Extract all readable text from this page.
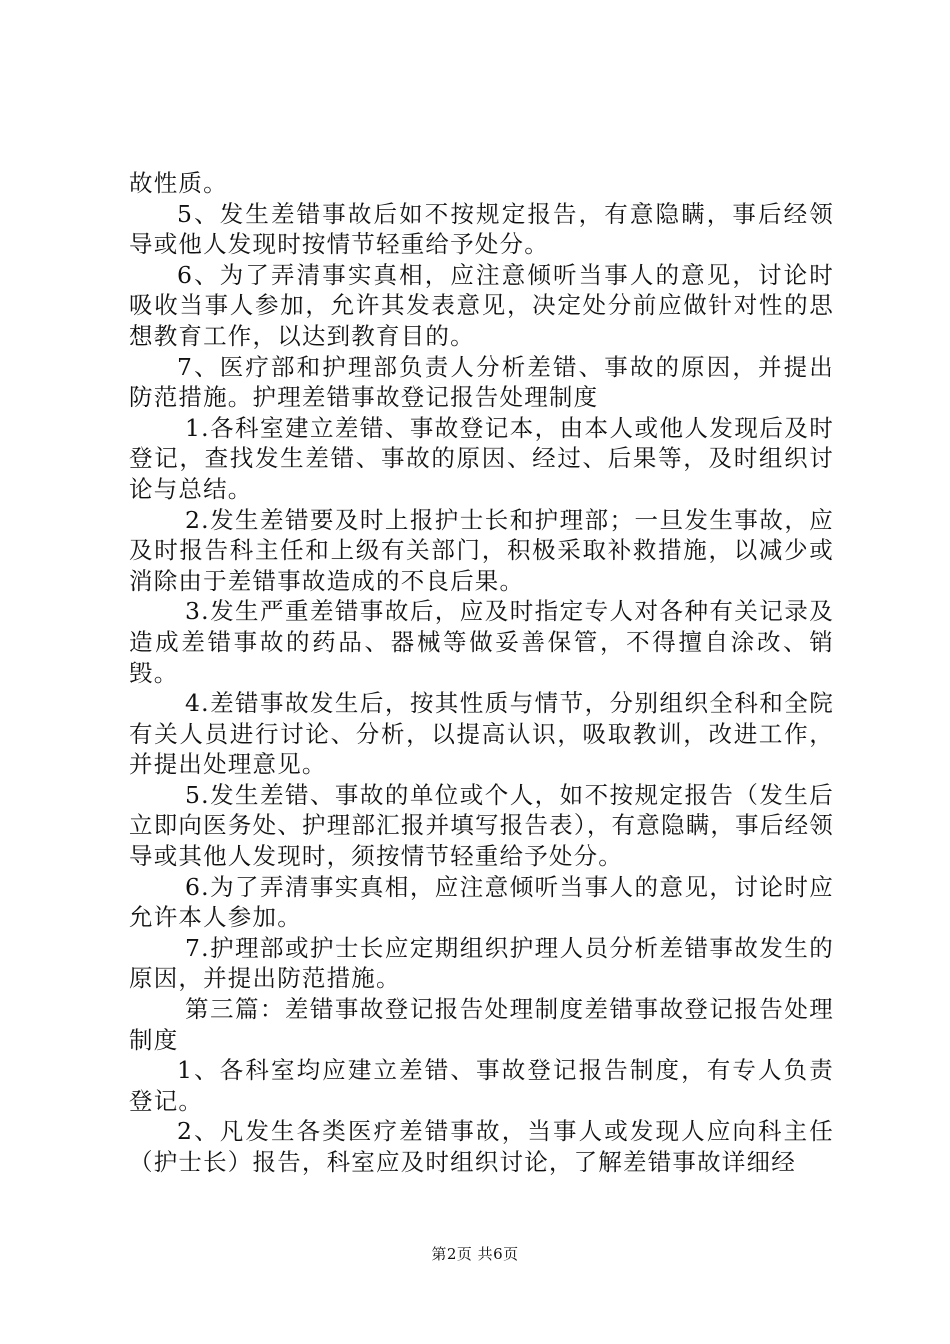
故性质。

5、发生差错事故后如不按规定报告，有意隐瞒，事后经领导或他人发现时按情节轻重给予处分。

6、为了弄清事实真相，应注意倾听当事人的意见，讨论时吸收当事人参加，允许其发表意见，决定处分前应做针对性的思想教育工作，以达到教育目的。

7、医疗部和护理部负责人分析差错、事故的原因，并提出防范措施。护理差错事故登记报告处理制度

1.各科室建立差错、事故登记本，由本人或他人发现后及时登记，查找发生差错、事故的原因、经过、后果等，及时组织讨论与总结。

2.发生差错要及时上报护士长和护理部；一旦发生事故，应及时报告科主任和上级有关部门，积极采取补救措施，以减少或消除由于差错事故造成的不良后果。

3.发生严重差错事故后，应及时指定专人对各种有关记录及造成差错事故的药品、器械等做妥善保管，不得擅自涂改、销毁。

4.差错事故发生后，按其性质与情节，分别组织全科和全院有关人员进行讨论、分析，以提高认识，吸取教训，改进工作，并提出处理意见。

5.发生差错、事故的单位或个人，如不按规定报告（发生后立即向医务处、护理部汇报并填写报告表），有意隐瞒，事后经领导或其他人发现时，须按情节轻重给予处分。

6.为了弄清事实真相，应注意倾听当事人的意见，讨论时应允许本人参加。

7.护理部或护士长应定期组织护理人员分析差错事故发生的原因，并提出防范措施。

第三篇：差错事故登记报告处理制度差错事故登记报告处理制度

1、各科室均应建立差错、事故登记报告制度，有专人负责登记。

2、凡发生各类医疗差错事故，当事人或发现人应向科主任（护士长）报告，科室应及时组织讨论，了解差错事故详细经

第2页 共6页
